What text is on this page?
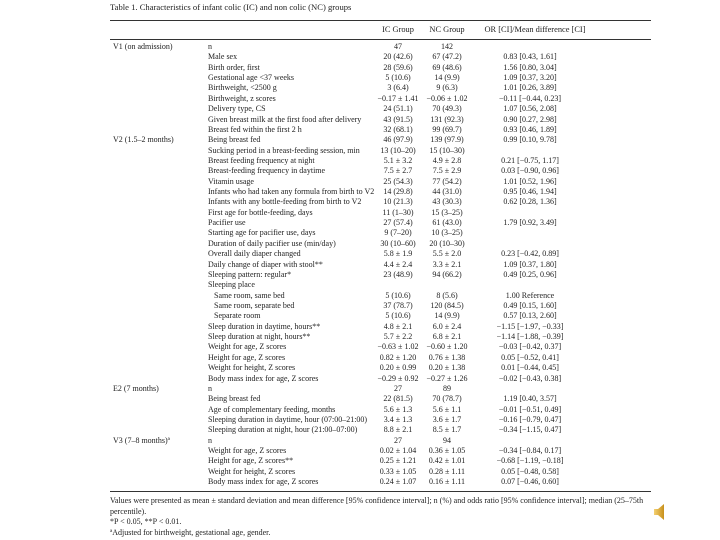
Table 1. Characteristics of infant colic (IC) and non colic (NC) groups
IC Group	NC Group	OR [CI]/Mean difference [CI]
V1 (on admission)	n	47	142
Male sex	20 (42.6)	67 (47.2)	0.83 [0.43, 1.61]
Birth order, first	28 (59.6)	69 (48.6)	1.56 [0.80, 3.04]
Gestational age <37 weeks	5 (10.6)	14 (9.9)	1.09 [0.37, 3.20]
Birthweight, <2500 g	3 (6.4)	9 (6.3)	1.01 [0.26, 3.89]
Birthweight, z scores	−0.17 ± 1.41	−0.06 ± 1.02	−0.11 [−0.44, 0.23]
Delivery type, CS	24 (51.1)	70 (49.3)	1.07 [0.56, 2.08]
Given breast milk at the first food after delivery	43 (91.5)	131 (92.3)	0.90 [0.27, 2.98]
Breast fed within the first 2 h	32 (68.1)	99 (69.7)	0.93 [0.46, 1.89]
V2 (1.5–2 months)	Being breast fed	46 (97.9)	139 (97.9)	0.99 [0.10, 9.78]
Sucking period in a breast-feeding session, min	13 (10–20)	15 (10–30)
Breast feeding frequency at night	5.1 ± 3.2	4.9 ± 2.8	0.21 [−0.75, 1.17]
Breast-feeding frequency in daytime	7.5 ± 2.7	7.5 ± 2.9	0.03 [−0.90, 0.96]
Vitamin usage	25 (54.3)	77 (54.2)	1.01 [0.52, 1.96]
Infants who had taken any formula from birth to V2	14 (29.8)	44 (31.0)	0.95 [0.46, 1.94]
Infants with any bottle-feeding from birth to V2	10 (21.3)	43 (30.3)	0.62 [0.28, 1.36]
First age for bottle-feeding, days	11 (1–30)	15 (3–25)
Pacifier use	27 (57.4)	61 (43.0)	1.79 [0.92, 3.49]
Starting age for pacifier use, days	9 (7–20)	10 (3–25)
Duration of daily pacifier use (min/day)	30 (10–60)	20 (10–30)
Overall daily diaper changed	5.8 ± 1.9	5.5 ± 2.0	0.23 [−0.42, 0.89]
Daily change of diaper with stool**	4.4 ± 2.4	3.3 ± 2.1	1.09 [0.37, 1.80]
Sleeping pattern: regular*	23 (48.9)	94 (66.2)	0.49 [0.25, 0.96]
Sleeping place
Same room, same bed	5 (10.6)	8 (5.6)	1.00 Reference
Same room, separate bed	37 (78.7)	120 (84.5)	0.49 [0.15, 1.60]
Separate room	5 (10.6)	14 (9.9)	0.57 [0.13, 2.60]
Sleep duration in daytime, hours**	4.8 ± 2.1	6.0 ± 2.4	−1.15 [−1.97, −0.33]
Sleep duration at night, hours**	5.7 ± 2.2	6.8 ± 2.1	−1.14 [−1.88, −0.39]
Weight for age, Z scores	−0.63 ± 1.02	−0.60 ± 1.20	−0.03 [−0.42, 0.37]
Height for age, Z scores	0.82 ± 1.20	0.76 ± 1.38	0.05 [−0.52, 0.41]
Weight for height, Z scores	0.20 ± 0.99	0.20 ± 1.38	0.01 [−0.44, 0.45]
Body mass index for age, Z scores	−0.29 ± 0.92	−0.27 ± 1.26	−0.02 [−0.43, 0.38]
E2 (7 months)	n	27	89
Being breast fed	22 (81.5)	70 (78.7)	1.19 [0.40, 3.57]
Age of complementary feeding, months	5.6 ± 1.3	5.6 ± 1.1	−0.01 [−0.51, 0.49]
Sleeping duration in daytime, hour (07:00–21:00)	3.4 ± 1.3	3.6 ± 1.7	−0.16 [−0.79, 0.47]
Sleeping duration at night, hour (21:00–07:00)	8.8 ± 2.1	8.5 ± 1.7	−0.34 [−1.15, 0.47]
V3 (7–8 months)ª	n	27	94
Weight for age, Z scores	0.02 ± 1.04	0.36 ± 1.05	−0.34 [−0.84, 0.17]
Height for age, Z scores**	0.25 ± 1.21	0.42 ± 1.01	−0.68 [−1.19, −0.18]
Weight for height, Z scores	0.33 ± 1.05	0.28 ± 1.11	0.05 [−0.48, 0.58]
Body mass index for age, Z scores	0.24 ± 1.07	0.16 ± 1.11	0.07 [−0.46, 0.60]
Values were presented as mean ± standard deviation and mean difference [95% confidence interval]; n (%) and odds ratio [95% confidence interval]; median (25–75th percentile).
*P < 0.05, **P < 0.01.
ªAdjusted for birthweight, gestational age, gender.
